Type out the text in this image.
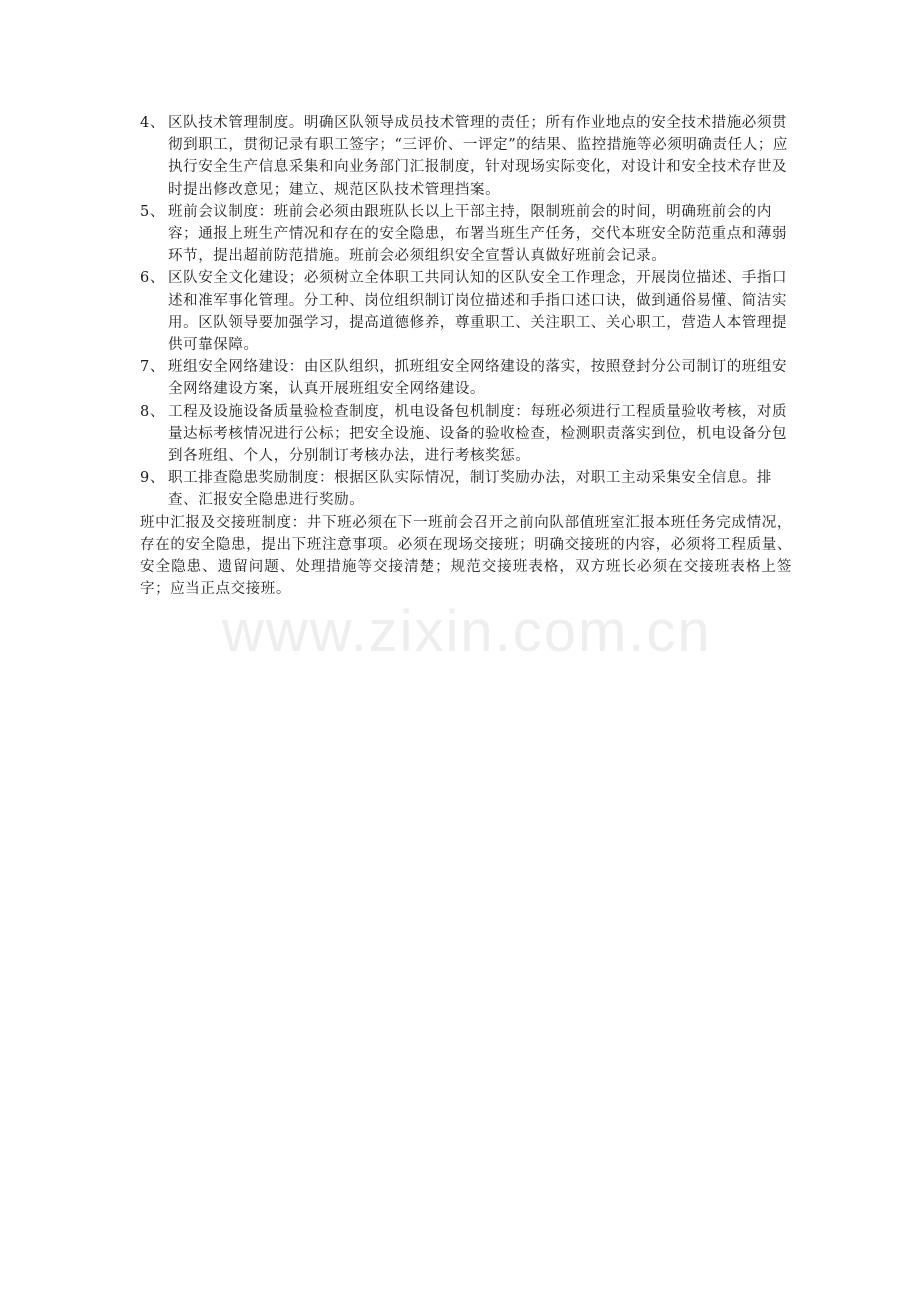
4、 区队技术管理制度。明确区队领导成员技术管理的责任；所有作业地点的安全技术措施必须贯彻到职工，贯彻记录有职工签字；“三评价、一评定”的结果、监控措施等必须明确责任人；应执行安全生产信息采集和向业务部门汇报制度，针对现场实际变化，对设计和安全技术存世及时提出修改意见；建立、规范区队技术管理挡案。
5、 班前会议制度：班前会必须由跟班队长以上干部主持，限制班前会的时间，明确班前会的内容；通报上班生产情况和存在的安全隐患，布署当班生产任务，交代本班安全防范重点和薄弱环节，提出超前防范措施。班前会必须组织安全宣誓认真做好班前会记录。
6、 区队安全文化建设；必须树立全体职工共同认知的区队安全工作理念，开展岗位描述、手指口述和准军事化管理。分工种、岗位组织制订岗位描述和手指口述口诀，做到通俗易懂、简洁实用。区队领导要加强学习，提高道德修养，尊重职工、关注职工、关心职工，营造人本管理提供可靠保障。
7、 班组安全网络建设：由区队组织，抓班组安全网络建设的落实，按照登封分公司制订的班组安全网络建设方案，认真开展班组安全网络建设。
8、 工程及设施设备质量验检查制度，机电设备包机制度：每班必须进行工程质量验收考核，对质量达标考核情况进行公标；把安全设施、设备的验收检查，检测职责落实到位，机电设备分包到各班组、个人，分别制订考核办法，进行考核奖惩。
9、 职工排查隐患奖励制度：根据区队实际情况，制订奖励办法，对职工主动采集安全信息。排查、汇报安全隐患进行奖励。
班中汇报及交接班制度：井下班必须在下一班前会召开之前向队部值班室汇报本班任务完成情况，存在的安全隐患，提出下班注意事项。必须在现场交接班；明确交接班的内容，必须将工程质量、安全隐患、遗留问题、处理措施等交接清楚；规范交接班表格，双方班长必须在交接班表格上签字；应当正点交接班。
www.zixin.com.cn
